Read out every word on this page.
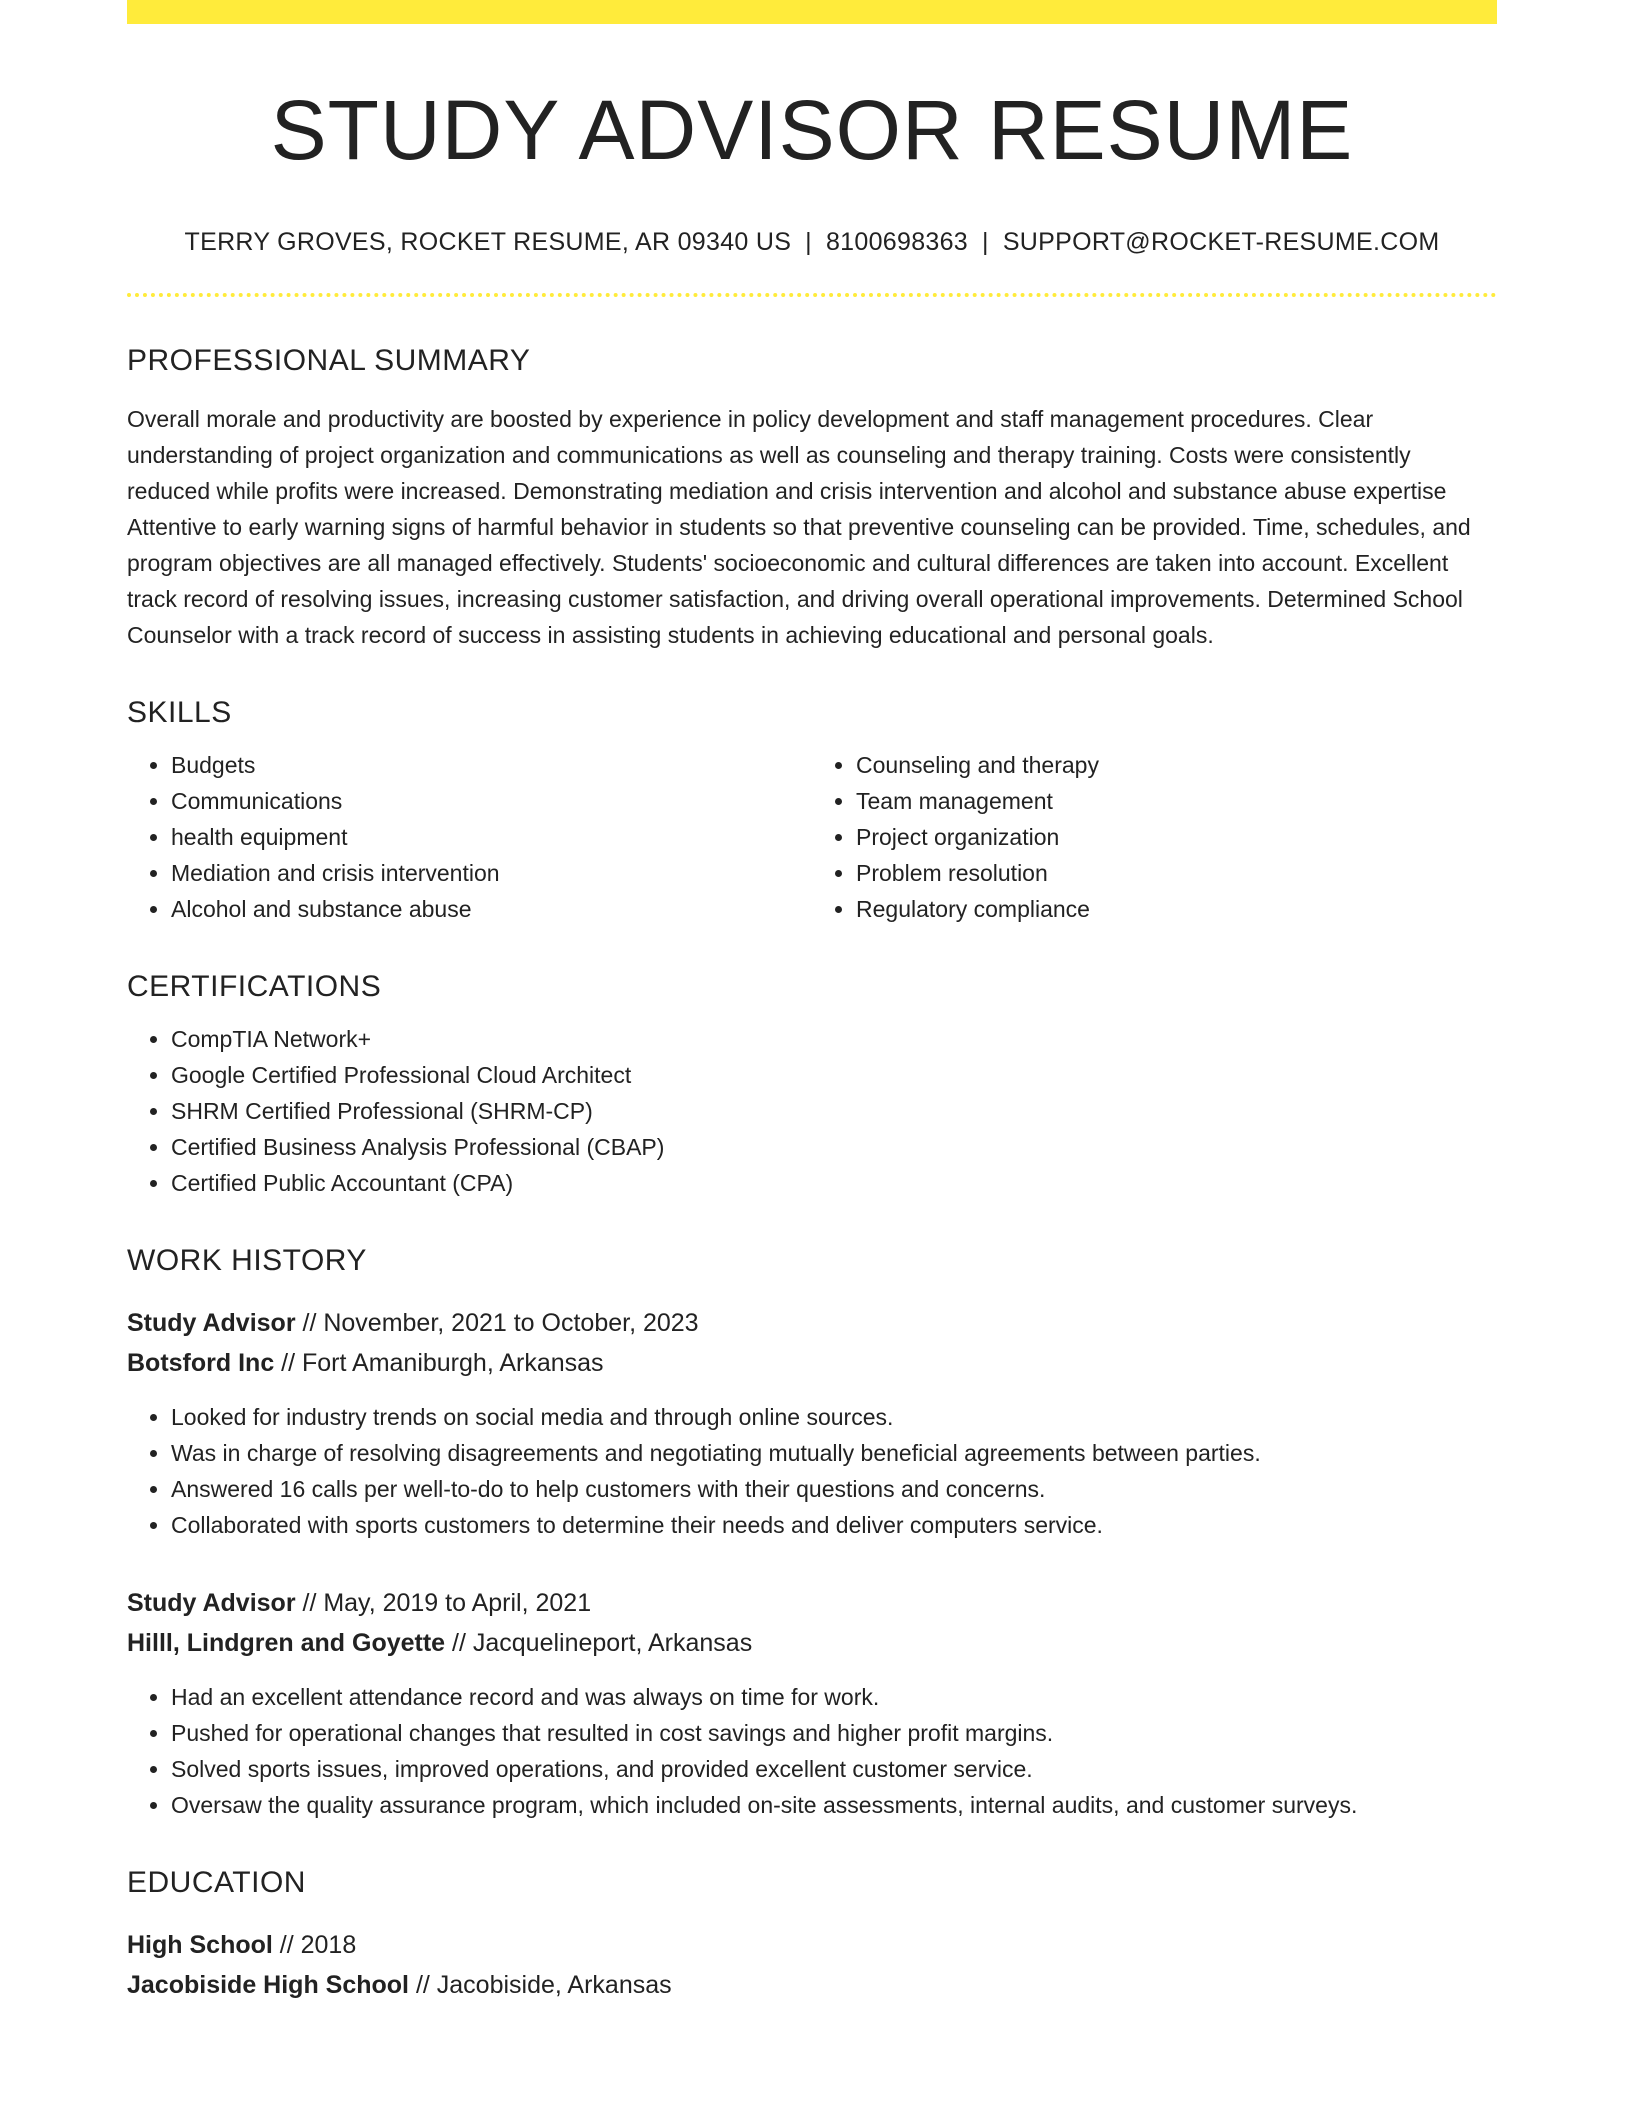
STUDY ADVISOR RESUME
TERRY GROVES, ROCKET RESUME, AR 09340 US | 8100698363 | SUPPORT@ROCKET-RESUME.COM
PROFESSIONAL SUMMARY
Overall morale and productivity are boosted by experience in policy development and staff management procedures. Clear understanding of project organization and communications as well as counseling and therapy training. Costs were consistently reduced while profits were increased. Demonstrating mediation and crisis intervention and alcohol and substance abuse expertise Attentive to early warning signs of harmful behavior in students so that preventive counseling can be provided. Time, schedules, and program objectives are all managed effectively. Students' socioeconomic and cultural differences are taken into account. Excellent track record of resolving issues, increasing customer satisfaction, and driving overall operational improvements. Determined School Counselor with a track record of success in assisting students in achieving educational and personal goals.
SKILLS
• Budgets
• Communications
• health equipment
• Mediation and crisis intervention
• Alcohol and substance abuse
• Counseling and therapy
• Team management
• Project organization
• Problem resolution
• Regulatory compliance
CERTIFICATIONS
• CompTIA Network+
• Google Certified Professional Cloud Architect
• SHRM Certified Professional (SHRM-CP)
• Certified Business Analysis Professional (CBAP)
• Certified Public Accountant (CPA)
WORK HISTORY
Study Advisor // November, 2021 to October, 2023
Botsford Inc // Fort Amaniburgh, Arkansas
• Looked for industry trends on social media and through online sources.
• Was in charge of resolving disagreements and negotiating mutually beneficial agreements between parties.
• Answered 16 calls per well-to-do to help customers with their questions and concerns.
• Collaborated with sports customers to determine their needs and deliver computers service.
Study Advisor // May, 2019 to April, 2021
Hilll, Lindgren and Goyette // Jacquelineport, Arkansas
• Had an excellent attendance record and was always on time for work.
• Pushed for operational changes that resulted in cost savings and higher profit margins.
• Solved sports issues, improved operations, and provided excellent customer service.
• Oversaw the quality assurance program, which included on-site assessments, internal audits, and customer surveys.
EDUCATION
High School // 2018
Jacobiside High School // Jacobiside, Arkansas
